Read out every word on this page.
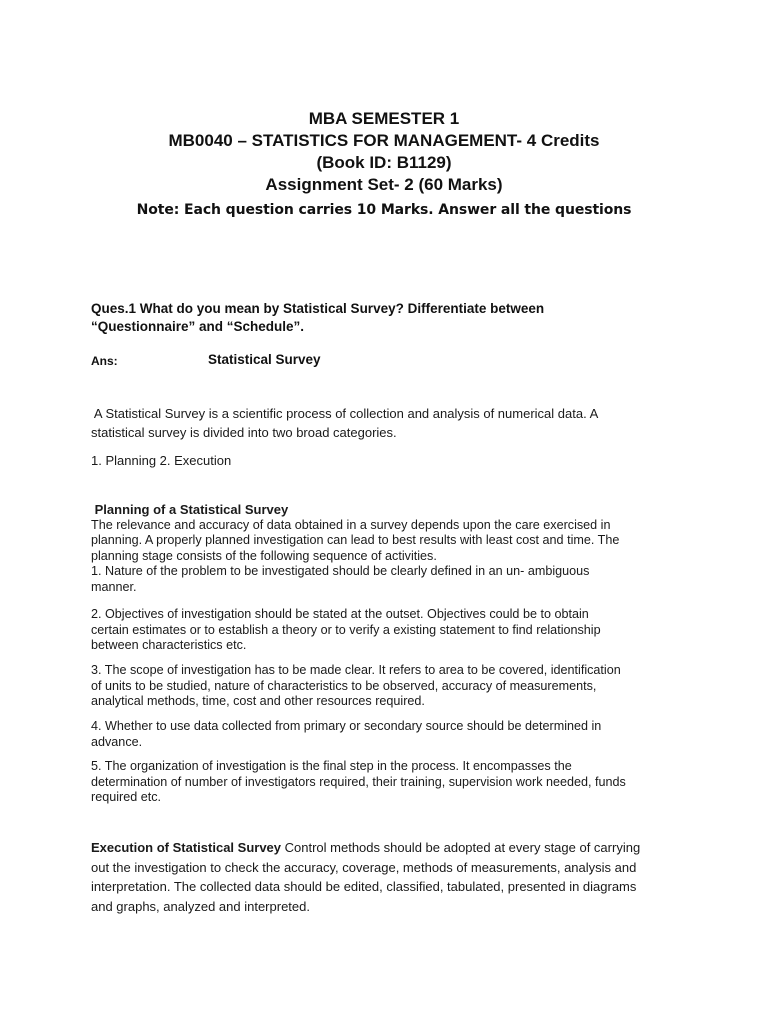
MBA SEMESTER 1
MB0040 – STATISTICS FOR MANAGEMENT- 4 Credits
(Book ID: B1129)
Assignment Set- 2 (60 Marks)
Note: Each question carries 10 Marks. Answer all the questions
Ques.1 What do you mean by Statistical Survey? Differentiate between
“Questionnaire” and “Schedule”.
Ans:	Statistical Survey
A Statistical Survey is a scientific process of collection and analysis of numerical data. A
statistical survey is divided into two broad categories.
1. Planning 2. Execution
Planning of a Statistical Survey
The relevance and accuracy of data obtained in a survey depends upon the care exercised in
planning. A properly planned investigation can lead to best results with least cost and time. The
planning stage consists of the following sequence of activities.
1. Nature of the problem to be investigated should be clearly defined in an un- ambiguous
manner.
2. Objectives of investigation should be stated at the outset. Objectives could be to obtain
certain estimates or to establish a theory or to verify a existing statement to find relationship
between characteristics etc.
3. The scope of investigation has to be made clear. It refers to area to be covered, identification
of units to be studied, nature of characteristics to be observed, accuracy of measurements,
analytical methods, time, cost and other resources required.
4. Whether to use data collected from primary or secondary source should be determined in
advance.
5. The organization of investigation is the final step in the process. It encompasses the
determination of number of investigators required, their training, supervision work needed, funds
required etc.
Execution of Statistical Survey Control methods should be adopted at every stage of carrying
out the investigation to check the accuracy, coverage, methods of measurements, analysis and
interpretation. The collected data should be edited, classified, tabulated, presented in diagrams
and graphs, analyzed and interpreted.
